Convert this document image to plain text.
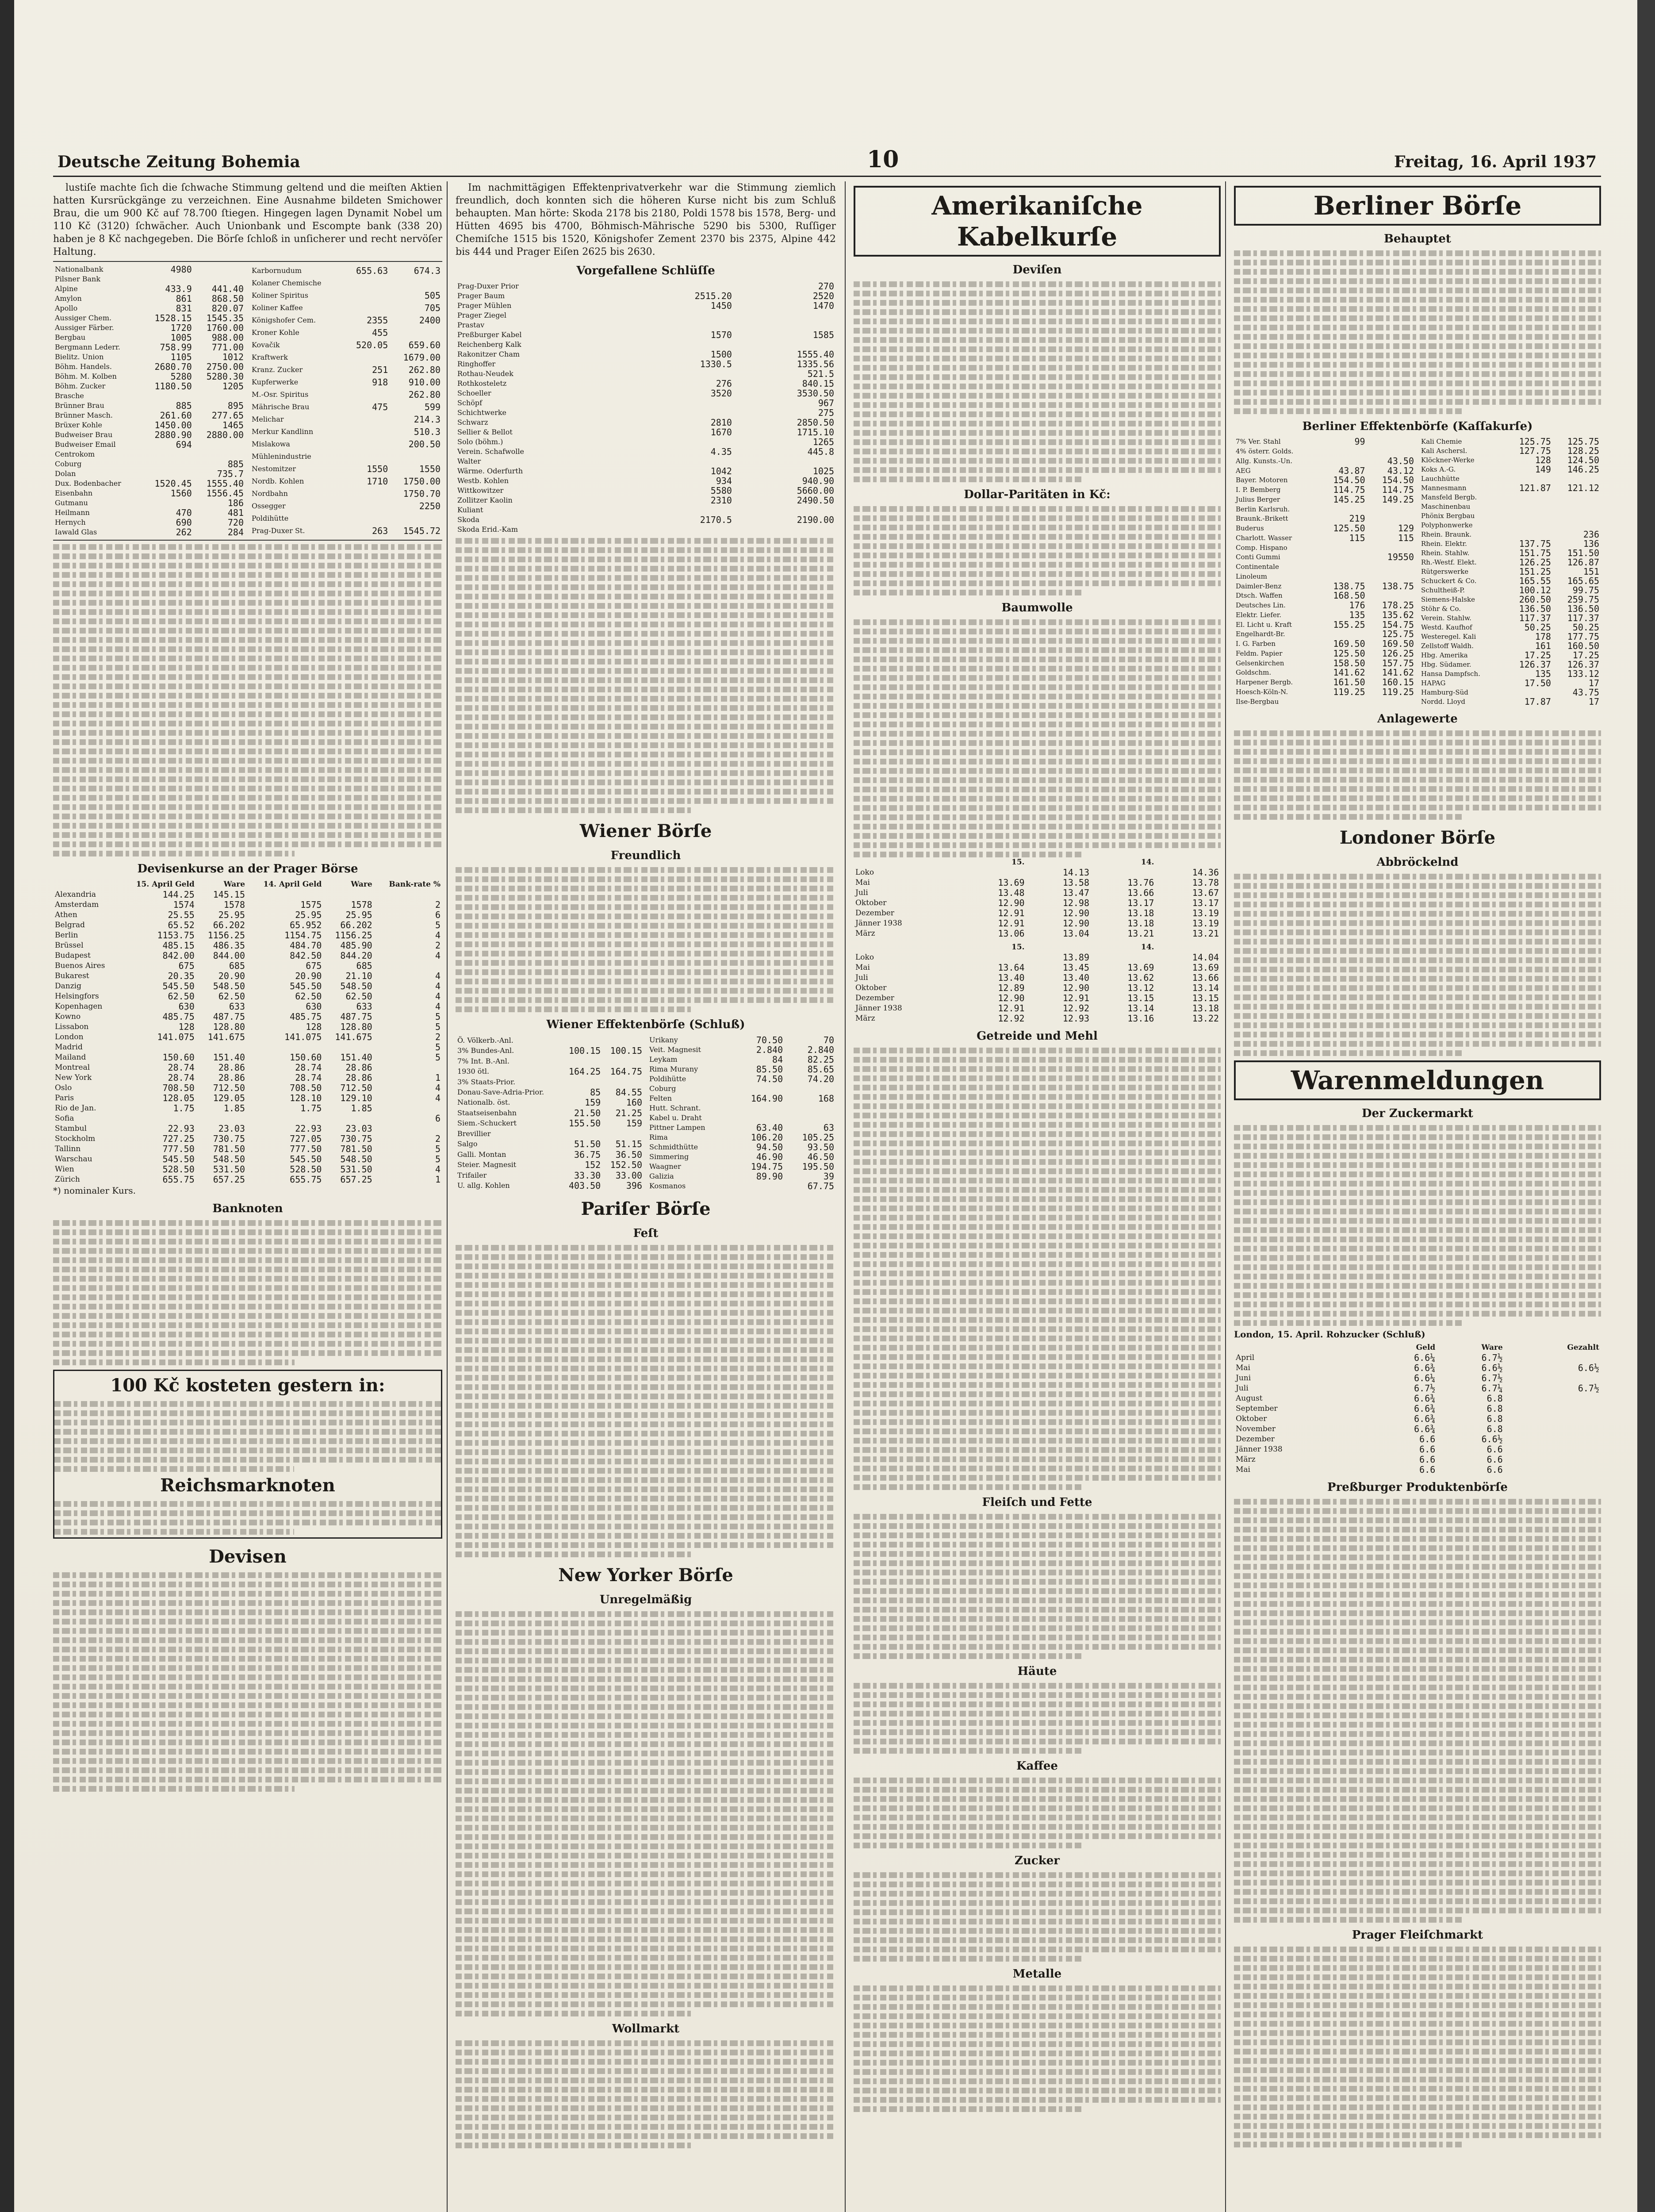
Deutsche Zeitung Bohemia	10	Freitag, 16. April 1937

lustiſe machte ſich die ſchwache Stimmung geltend und die meiſten Aktien hatten Kursrückgänge zu verzeichnen. Eine Ausnahme bildeten Smichower Brau, die um 900 Kč auf 78.700 ſtiegen. Hingegen lagen Dynamit Nobel um 110 Kč (3120) ſchwächer. Auch Unionbank und Escompte bank (338 20) haben je 8 Kč nachgegeben. Die Börſe ſchloß in unſicherer und recht nervöſer Haltung.

Nationalbank	4980	
Pilsner Bank		
Alpine	433.9	441.40
Amylon	861	868.50
Apollo	831	820.07
Aussiger Chem.	1528.15	1545.35
Aussiger Färber.	1720	1760.00
Bergbau	1005	988.00
Bergmann Lederr.	758.99	771.00
Bielitz. Union	1105	1012
Böhm. Handels.	2680.70	2750.00
Böhm. M. Kolben	5280	5280.30
Böhm. Zucker	1180.50	1205
Brasche		
Brünner Brau	885	895
Brünner Masch.	261.60	277.65
Brüxer Kohle	1450.00	1465
Budweiser Brau	2880.90	2880.00
Budweiser Email	694	
Centrokom		
Coburg		885
Dolan		735.7
Dux. Bodenbacher	1520.45	1555.40
Eisenbahn	1560	1556.45
Gutmanu		186
Heilmann	470	481
Hernych	690	720
Iawald Glas	262	284
Karbornudum	655.63	674.3
Kolaner Chemische		
Koliner Spiritus		505
Koliner Kaffee		705
Königshofer Cem.	2355	2400
Kroner Kohle	455	
Kovačik	520.05	659.60
Kraftwerk		1679.00
Kranz. Zucker	251	262.80
Kupferwerke	918	910.00
M.-Osr. Spiritus		262.80
Mährische Brau	475	599
Melichar		214.3
Merkur Kandlinn		510.3
Mislakowa		200.50
Mühlenindustrie		
Nestomitzer	1550	1550
Nordb. Kohlen	1710	1750.00
Nordbahn		1750.70
Ossegger		2250
Poldihütte		
Prag-Duxer St.	263	1545.72
Devisenkurse an der Prager Börse
	15. April Geld	Ware	14. April Geld	Ware	Bank-rate %
Alexandria	144.25	145.15			
Amsterdam	1574	1578	1575	1578	2
Athen	25.55	25.95	25.95	25.95	6
Belgrad	65.52	66.202	65.952	66.202	5
Berlin	1153.75	1156.25	1154.75	1156.25	4
Brüssel	485.15	486.35	484.70	485.90	2
Budapest	842.00	844.00	842.50	844.20	4
Buenos Aires	675	685	675	685	
Bukarest	20.35	20.90	20.90	21.10	4
Danzig	545.50	548.50	545.50	548.50	4
Helsingfors	62.50	62.50	62.50	62.50	4
Kopenhagen	630	633	630	633	4
Kowno	485.75	487.75	485.75	487.75	5
Lissabon	128	128.80	128	128.80	5
London	141.075	141.675	141.075	141.675	2
Madrid					5
Mailand	150.60	151.40	150.60	151.40	5
Montreal	28.74	28.86	28.74	28.86	
New York	28.74	28.86	28.74	28.86	1
Oslo	708.50	712.50	708.50	712.50	4
Paris	128.05	129.05	128.10	129.10	4
Rio de Jan.	1.75	1.85	1.75	1.85	
Sofia					6
Stambul	22.93	23.03	22.93	23.03	
Stockholm	727.25	730.75	727.05	730.75	2
Tallinn	777.50	781.50	777.50	781.50	5
Warschau	545.50	548.50	545.50	548.50	5
Wien	528.50	531.50	528.50	531.50	4
Zürich	655.75	657.25	655.75	657.25	1
*) nominaler Kurs.
Banknoten
100 Kč kosteten gestern in:
Reichsmarknoten
Devisen

Im nachmittägigen Effektenprivatverkehr war die Stimmung ziemlich freundlich, doch konnten sich die höheren Kurse nicht bis zum Schluß behaupten. Man hörte: Skoda 2178 bis 2180, Poldi 1578 bis 1578, Berg- und Hütten 4695 bis 4700, Böhmisch-Mährische 5290 bis 5300, Ruſſiger Chemiſche 1515 bis 1520, Königshofer Zement 2370 bis 2375, Alpine 442 bis 444 und Prager Eiſen 2625 bis 2630.

Vorgefallene Schlüſſe
Prag-Duxer Prior		270
Prager Baum	2515.20	2520
Prager Mühlen	1450	1470
Prager Ziegel		
Prastav		
Preßburger Kabel	1570	1585
Reichenberg Kalk		
Rakonitzer Cham	1500	1555.40
Ringhoffer	1330.5	1335.56
Rothau-Neudek		521.5
Rothkosteletz	276	840.15
Schoeller	3520	3530.50
Schöpf		967
Schichtwerke		275
Schwarz	2810	2850.50
Sellier & Bellot	1670	1715.10
Solo (böhm.)		1265
Verein. Schafwolle	4.35	445.8
Walter		
Wärme. Oderfurth	1042	1025
Westb. Kohlen	934	940.90
Wittkowitzer	5580	5660.00
Zollitzer Kaolin	2310	2490.50
Kuliant		
Skoda	2170.5	2190.00
Skoda Erid.-Kam		
Wiener Börſe
Freundlich
Wiener Effektenbörſe (Schluß)
Ö. Völkerb.-Anl.		
3% Bundes-Anl.	100.15	100.15
7% Int. B.-Anl.		
1930 ötl.	164.25	164.75
3% Staats-Prior.		
Donau-Save-Adria-Prior.	85	84.55
Nationalb. öst.	159	160
Staatseisenbahn	21.50	21.25
Siem.-Schuckert	155.50	159
Brevillier		
Salgo	51.50	51.15
Galli. Montan	36.75	36.50
Steier. Magnesit	152	152.50
Trifailer	33.30	33.00
U. allg. Kohlen	403.50	396
Urikany	70.50	70
Veit. Magnesit	2.840	2.840
Leykam	84	82.25
Rima Murany	85.50	85.65
Poldihütte	74.50	74.20
Coburg		
Felten	164.90	168
Hutt. Schrant.		
Kabel u. Draht		
Pittner Lampen	63.40	63
Rima	106.20	105.25
Schmidthütte	94.50	93.50
Simmering	46.90	46.50
Waagner	194.75	195.50
Galizia	89.90	39
Kosmanos		67.75
Pariſer Börſe
Feſt
New Yorker Börſe
Unregelmäßig
Wollmarkt
Amerikaniſche Kabelkurſe
Deviſen
Dollar-Paritäten in Kč:
Baumwolle
	15.		14.	
Loko		14.13		14.36
Mai	13.69	13.58	13.76	13.78
Juli	13.48	13.47	13.66	13.67
Oktober	12.90	12.98	13.17	13.17
Dezember	12.91	12.90	13.18	13.19
Jänner 1938	12.91	12.90	13.18	13.19
März	13.06	13.04	13.21	13.21
	15.		14.	
Loko		13.89		14.04
Mai	13.64	13.45	13.69	13.69
Juli	13.40	13.40	13.62	13.66
Oktober	12.89	12.90	13.12	13.14
Dezember	12.90	12.91	13.15	13.15
Jänner 1938	12.91	12.92	13.14	13.18
März	12.92	12.93	13.16	13.22
Getreide und Mehl
Fleiſch und Fette
Häute
Kaffee
Zucker
Metalle
Berliner Börſe
Behauptet
Berliner Effektenbörſe (Kaſſakurſe)
7% Ver. Stahl	99	
4% österr. Golds.		
Allg. Kunsts.-Un.		43.50
AEG	43.87	43.12
Bayer. Motoren	154.50	154.50
I. P. Bemberg	114.75	114.75
Julius Berger	145.25	149.25
Berlin Karlsruh.		
Braunk.-Brikett	219	
Buderus	125.50	129
Charlott. Wasser	115	115
Comp. Hispano		
Conti Gummi		19550
Continentale		
Linoleum		
Daimler-Benz	138.75	138.75
Dtsch. Waffen	168.50	
Deutsches Lin.	176	178.25
Elektr. Liefer.	135	135.62
El. Licht u. Kraft	155.25	154.75
Engelhardt-Br.		125.75
I. G. Farben	169.50	169.50
Feldm. Papier	125.50	126.25
Gelsenkirchen	158.50	157.75
Goldschm.	141.62	141.62
Harpener Bergb.	161.50	160.15
Hoesch-Köln-N.	119.25	119.25
Ilse-Bergbau		
Kali Chemie	125.75	125.75
Kali Aschersl.	127.75	128.25
Klöckner-Werke	128	124.50
Koks A.-G.	149	146.25
Lauchhütte		
Mannesmann	121.87	121.12
Mansfeld Bergb.		
Maschinenbau		
Phönix Bergbau		
Polyphonwerke		
Rhein. Braunk.		236
Rhein. Elektr.	137.75	136
Rhein. Stahlw.	151.75	151.50
Rh.-Westf. Elekt.	126.25	126.87
Rütgerswerke	151.25	151
Schuckert & Co.	165.55	165.65
Schultheiß-P.	100.12	99.75
Siemens-Halske	260.50	259.75
Stöhr & Co.	136.50	136.50
Verein. Stahlw.	117.37	117.37
Westd. Kaufhof	50.25	50.25
Westeregel. Kali	178	177.75
Zellstoff Waldh.	161	160.50
Hbg. Amerika	17.25	17.25
Hbg. Südamer.	126.37	126.37
Hansa Dampfsch.	135	133.12
HAPAG	17.50	17
Hamburg-Süd		43.75
Nordd. Lloyd	17.87	17
Anlagewerte
Londoner Börſe
Abbröckelnd
Warenmeldungen
Der Zuckermarkt
London, 15. April. Rohzucker (Schluß)
	Geld	Ware	Gezahlt
April	6.6¼	6.7½	
Mai	6.6¾	6.6½	6.6½
Juni	6.6¼	6.7½	
Juli	6.7½	6.7¼	6.7½
August	6.6¾	6.8	
September	6.6¾	6.8	
Oktober	6.6¾	6.8	
November	6.6¾	6.8	
Dezember	6.6	6.6½	
Jänner 1938	6.6	6.6	
März	6.6	6.6	
Mai	6.6	6.6	
Preßburger Produktenbörſe
Prager Fleiſchmarkt
